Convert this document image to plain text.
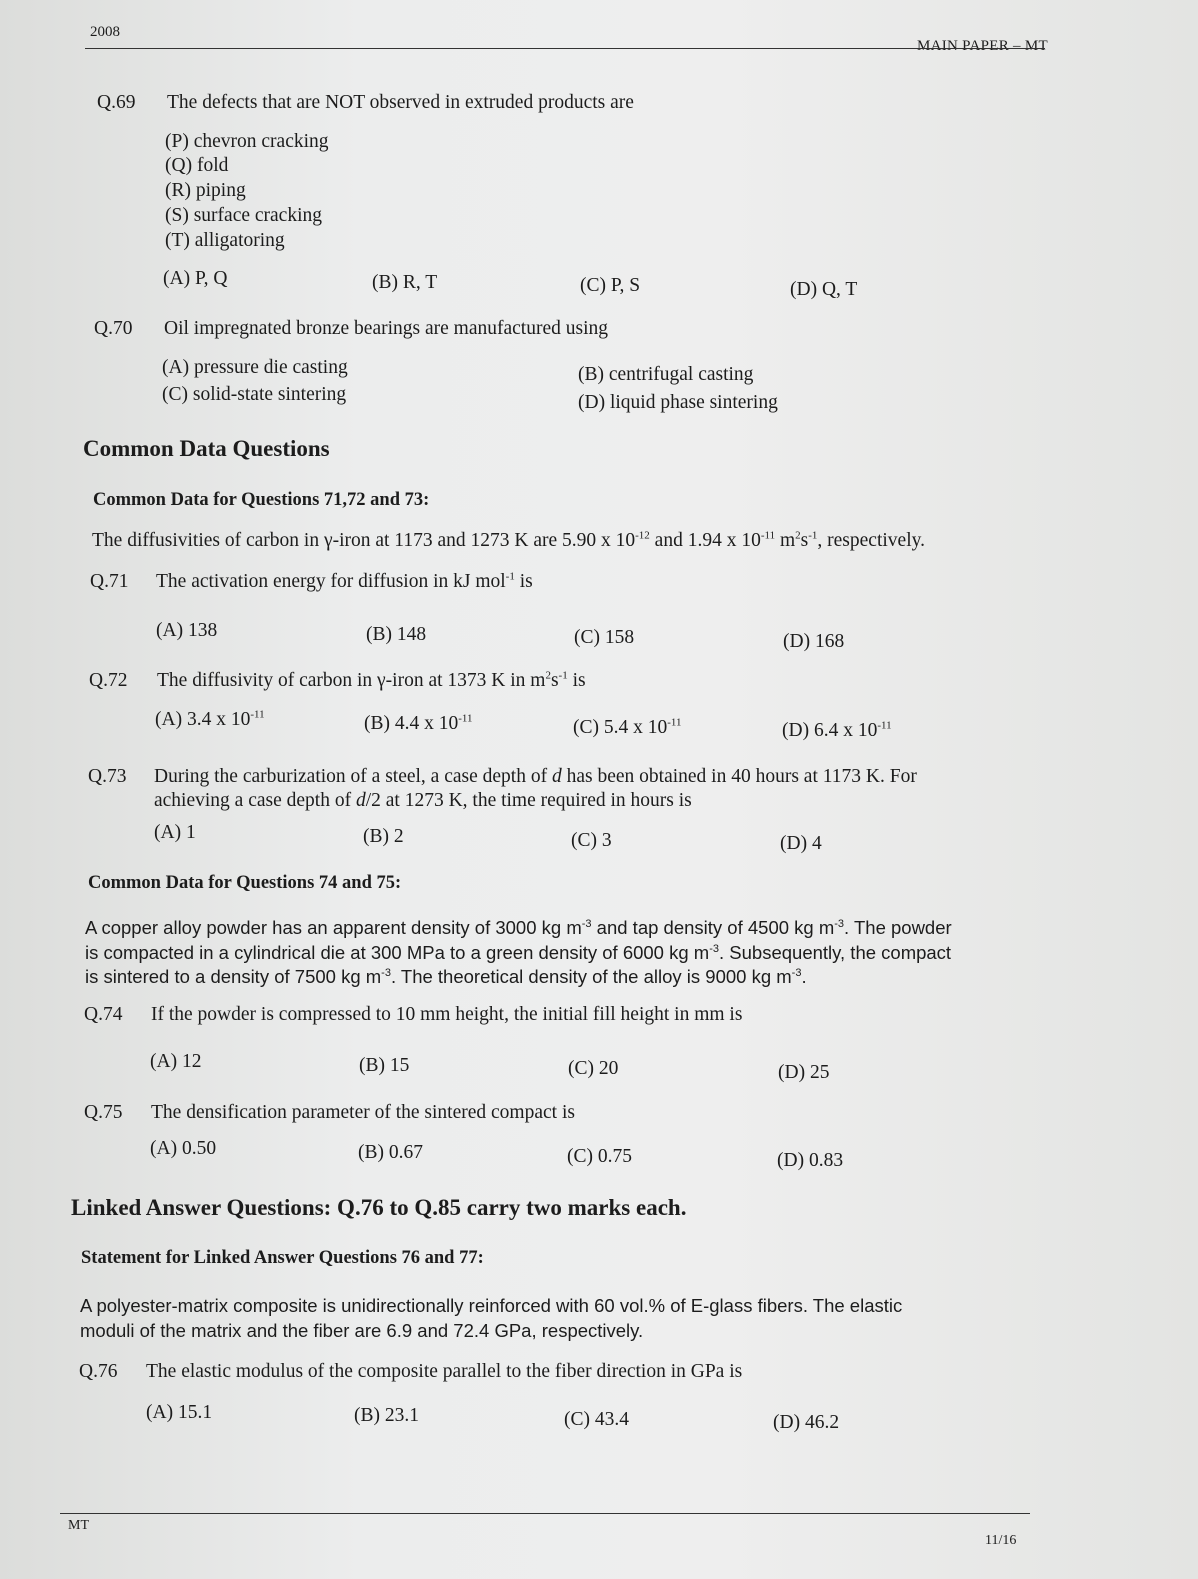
2008
MAIN PAPER – MT
Q.69 The defects that are NOT observed in extruded products are
(P) chevron cracking
(Q) fold
(R) piping
(S) surface cracking
(T) alligatoring
(A) P, Q	(B) R, T	(C) P, S	(D) Q, T
Q.70 Oil impregnated bronze bearings are manufactured using
(A) pressure die casting	(B) centrifugal casting
(C) solid-state sintering	(D) liquid phase sintering
Common Data Questions
Common Data for Questions 71,72 and 73:
The diffusivities of carbon in γ-iron at 1173 and 1273 K are 5.90 x $10^{-12}$ and 1.94 x $10^{-11}$ $m^2s^{-1}$, respectively.
Q.71 The activation energy for diffusion in kJ mol$^{-1}$ is
(A) 138	(B) 148	(C) 158	(D) 168
Q.72 The diffusivity of carbon in γ-iron at 1373 K in $m^2s^{-1}$ is
(A) 3.4 x $10^{-11}$	(B) 4.4 x $10^{-11}$	(C) 5.4 x $10^{-11}$	(D) 6.4 x $10^{-11}$
Q.73 During the carburization of a steel, a case depth of d has been obtained in 40 hours at 1173 K. For
achieving a case depth of d/2 at 1273 K, the time required in hours is
(A) 1	(B) 2	(C) 3	(D) 4
Common Data for Questions 74 and 75:
A copper alloy powder has an apparent density of 3000 kg $m^{-3}$ and tap density of 4500 kg $m^{-3}$. The powder
is compacted in a cylindrical die at 300 MPa to a green density of 6000 kg $m^{-3}$. Subsequently, the compact
is sintered to a density of 7500 kg $m^{-3}$. The theoretical density of the alloy is 9000 kg $m^{-3}$.
Q.74 If the powder is compressed to 10 mm height, the initial fill height in mm is
(A) 12	(B) 15	(C) 20	(D) 25
Q.75 The densification parameter of the sintered compact is
(A) 0.50	(B) 0.67	(C) 0.75	(D) 0.83
Linked Answer Questions: Q.76 to Q.85 carry two marks each.
Statement for Linked Answer Questions 76 and 77:
A polyester-matrix composite is unidirectionally reinforced with 60 vol.% of E-glass fibers. The elastic
moduli of the matrix and the fiber are 6.9 and 72.4 GPa, respectively.
Q.76 The elastic modulus of the composite parallel to the fiber direction in GPa is
(A) 15.1	(B) 23.1	(C) 43.4	(D) 46.2
MT
11/16
